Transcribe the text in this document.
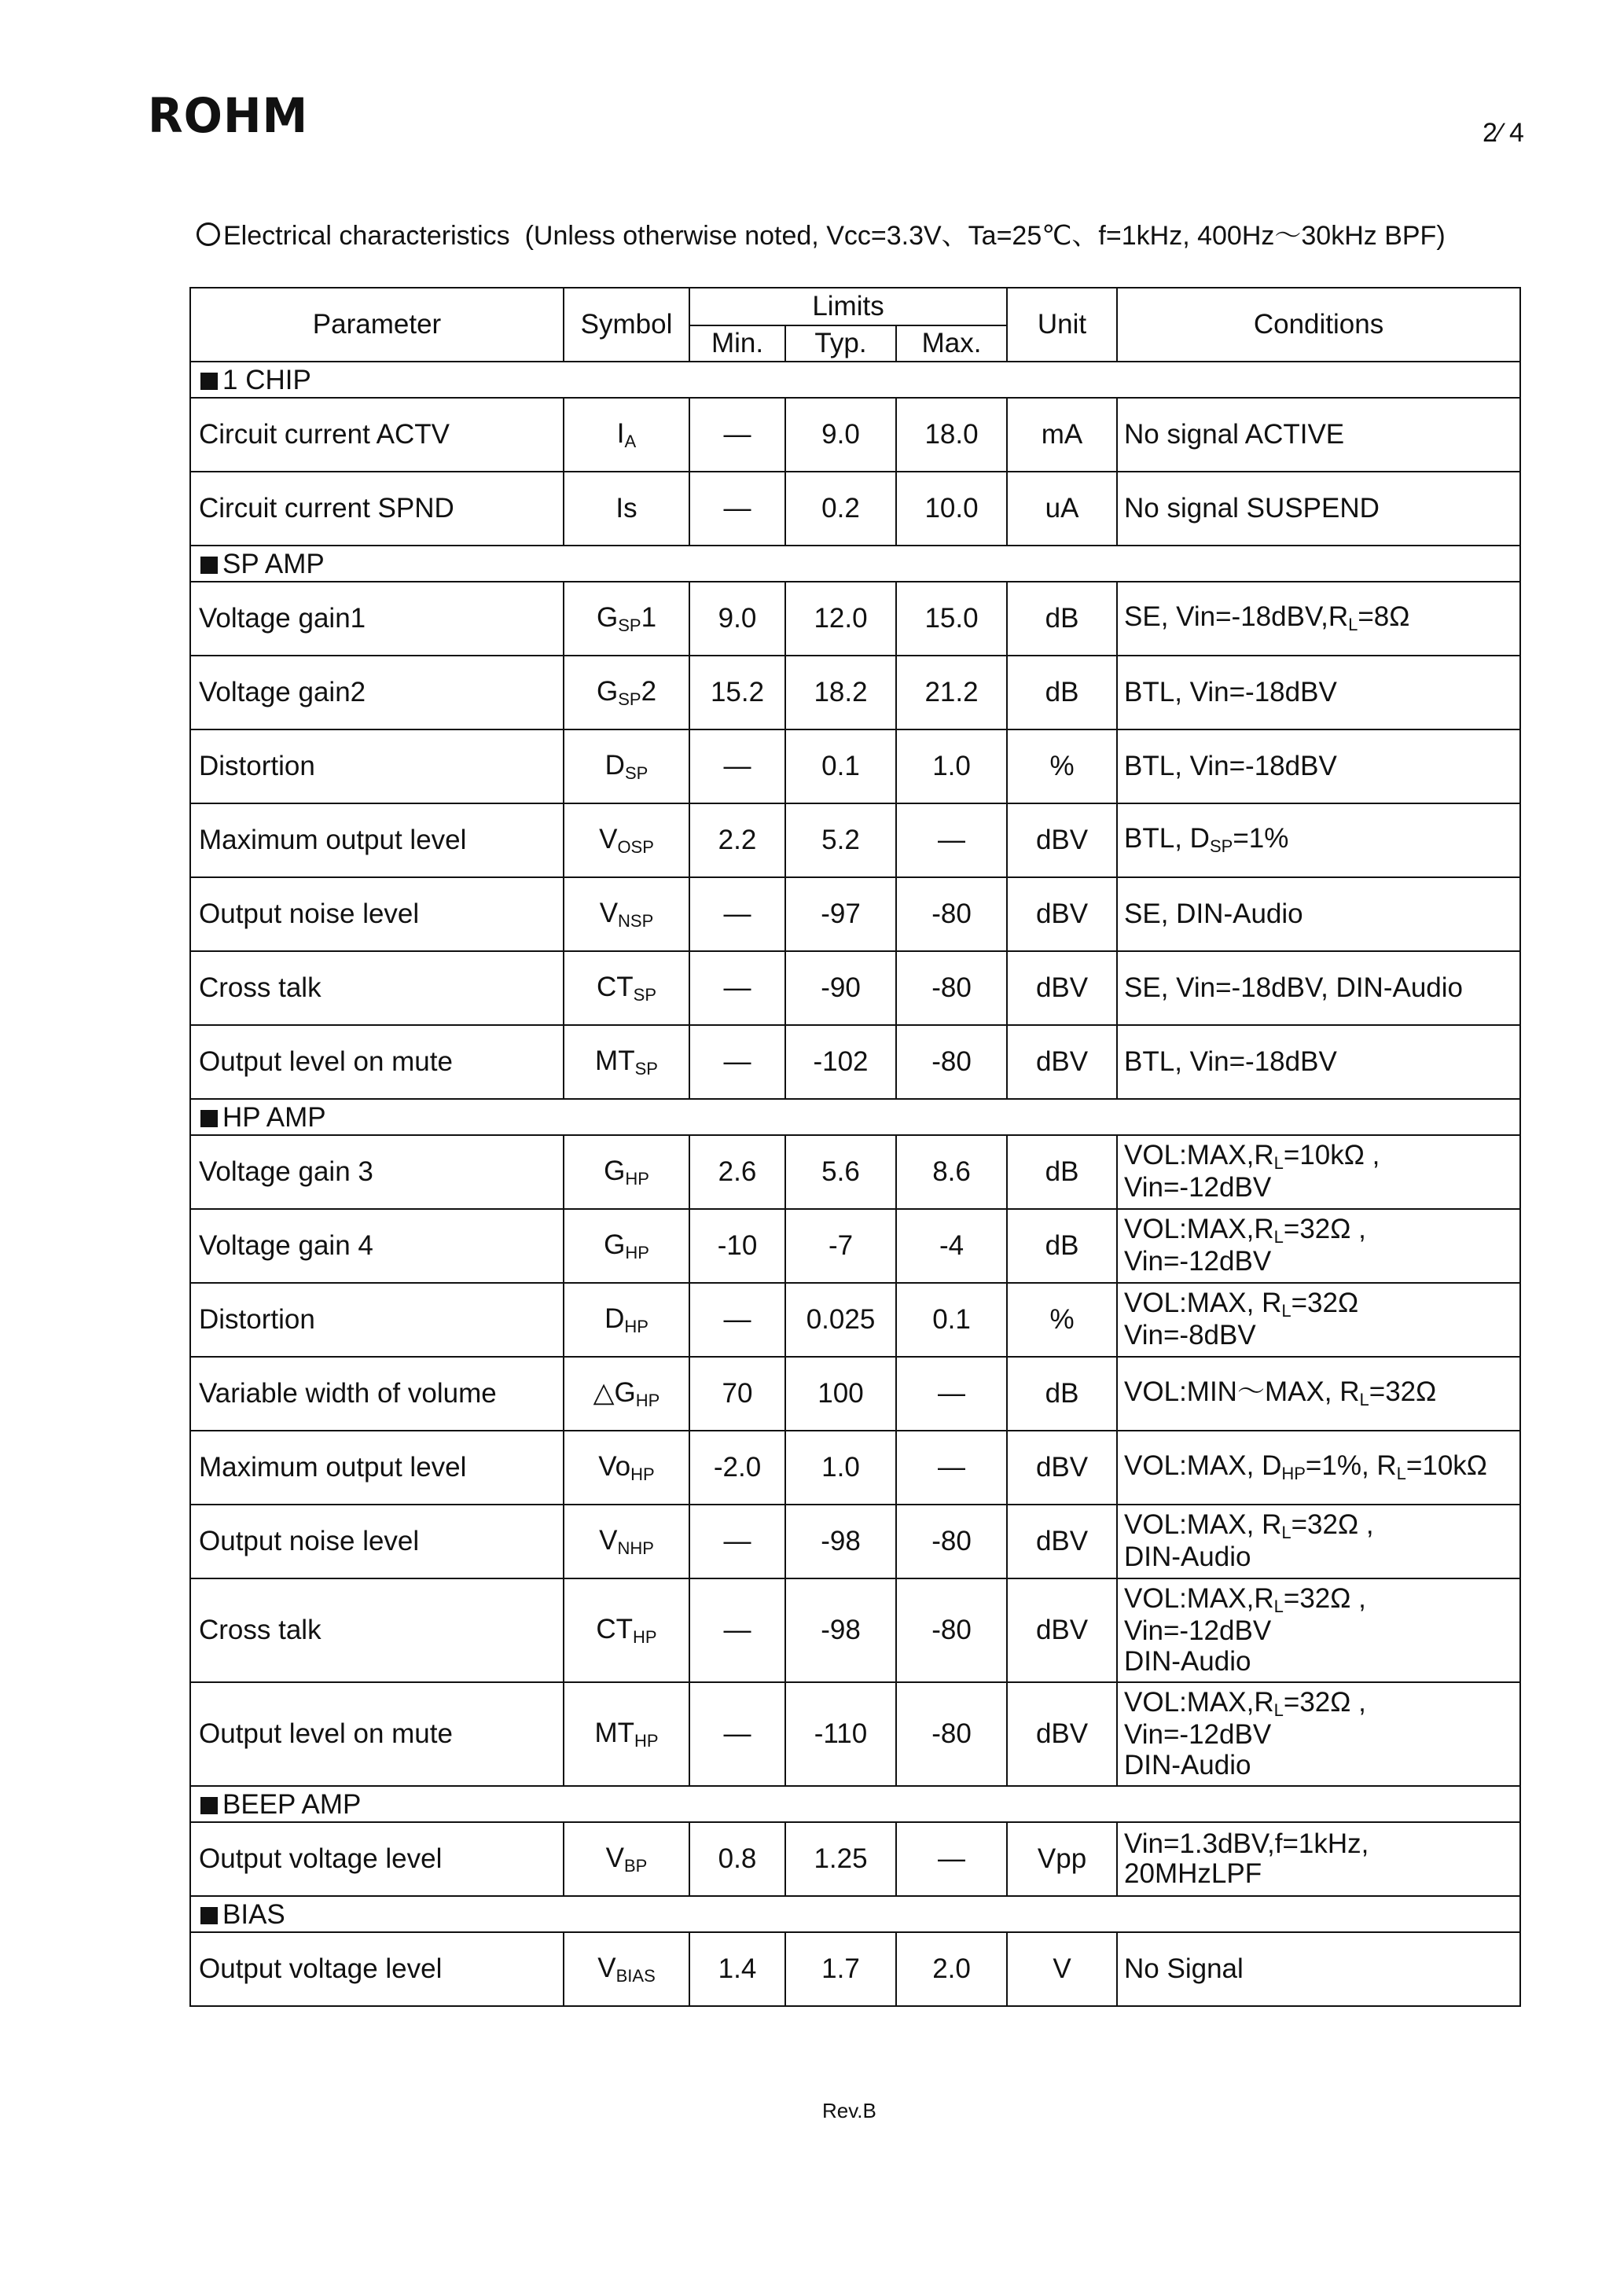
ROHM	2∕ 4
Electrical characteristics (Unless otherwise noted, Vcc=3.3V、Ta=25℃、f=1kHz, 400Hz〜30kHz BPF)
Parameter	Symbol	Limits			Unit	Conditions
		Min.	Typ.	Max.		
1 CHIP						
Circuit current ACTV	$I_A$	—	9.0	18.0	mA	No signal ACTIVE
Circuit current SPND	Is	—	0.2	10.0	uA	No signal SUSPEND
SP AMP						
Voltage gain1	$G_{SP}1$	9.0	12.0	15.0	dB	SE, $Vin=-18dBV,R_L=8\Omega$
Voltage gain2	$G_{SP}2$	15.2	18.2	21.2	dB	BTL, Vin=-18dBV
Distortion	$D_{SP}$	—	0.1	1.0	%	BTL, Vin=-18dBV
Maximum output level	$V_{OSP}$	2.2	5.2	—	dBV	BTL, $D_{SP}=1\%$
Output noise level	$V_{NSP}$	—	-97	-80	dBV	SE, DIN-Audio
Cross talk	$CT_{SP}$	—	-90	-80	dBV	SE, Vin=-18dBV, DIN-Audio
Output level on mute	$MT_{SP}$	—	-102	-80	dBV	BTL, Vin=-18dBV
HP AMP						
Voltage gain 3	$G_{HP}$	2.6	5.6	8.6	dB	$VOL:MAX,R_L=10k\Omega$ ,
Vin=-12dBV
Voltage gain 4	$G_{HP}$	-10	-7	-4	dB	$VOL:MAX,R_L=32\Omega$ ,
Vin=-12dBV
Distortion	$D_{HP}$	—	0.025	0.1	%	VOL:MAX, $R_L=32\Omega$
Vin=-8dBV
Variable width of volume	$\triangle G_{HP}$	70	100	—	dB	VOL:MIN〜MAX, $R_L=32\Omega$
Maximum output level	$Vo_{HP}$	-2.0	1.0	—	dBV	VOL:MAX, $D_{HP}=1\%$, $R_L=10k\Omega$
Output noise level	$V_{NHP}$	—	-98	-80	dBV	VOL:MAX, $R_L=32\Omega$ ,
DIN-Audio
Cross talk	$CT_{HP}$	—	-98	-80	dBV	$VOL:MAX,R_L=32\Omega$ ,
Vin=-12dBV
DIN-Audio
Output level on mute	$MT_{HP}$	—	-110	-80	dBV	$VOL:MAX,R_L=32\Omega$ ,
Vin=-12dBV
DIN-Audio
BEEP AMP						
Output voltage level	$V_{BP}$	0.8	1.25	—	Vpp	Vin=1.3dBV,f=1kHz,
20MHzLPF
BIAS						
Output voltage level	$V_{BIAS}$	1.4	1.7	2.0	V	No Signal
Rev.B
